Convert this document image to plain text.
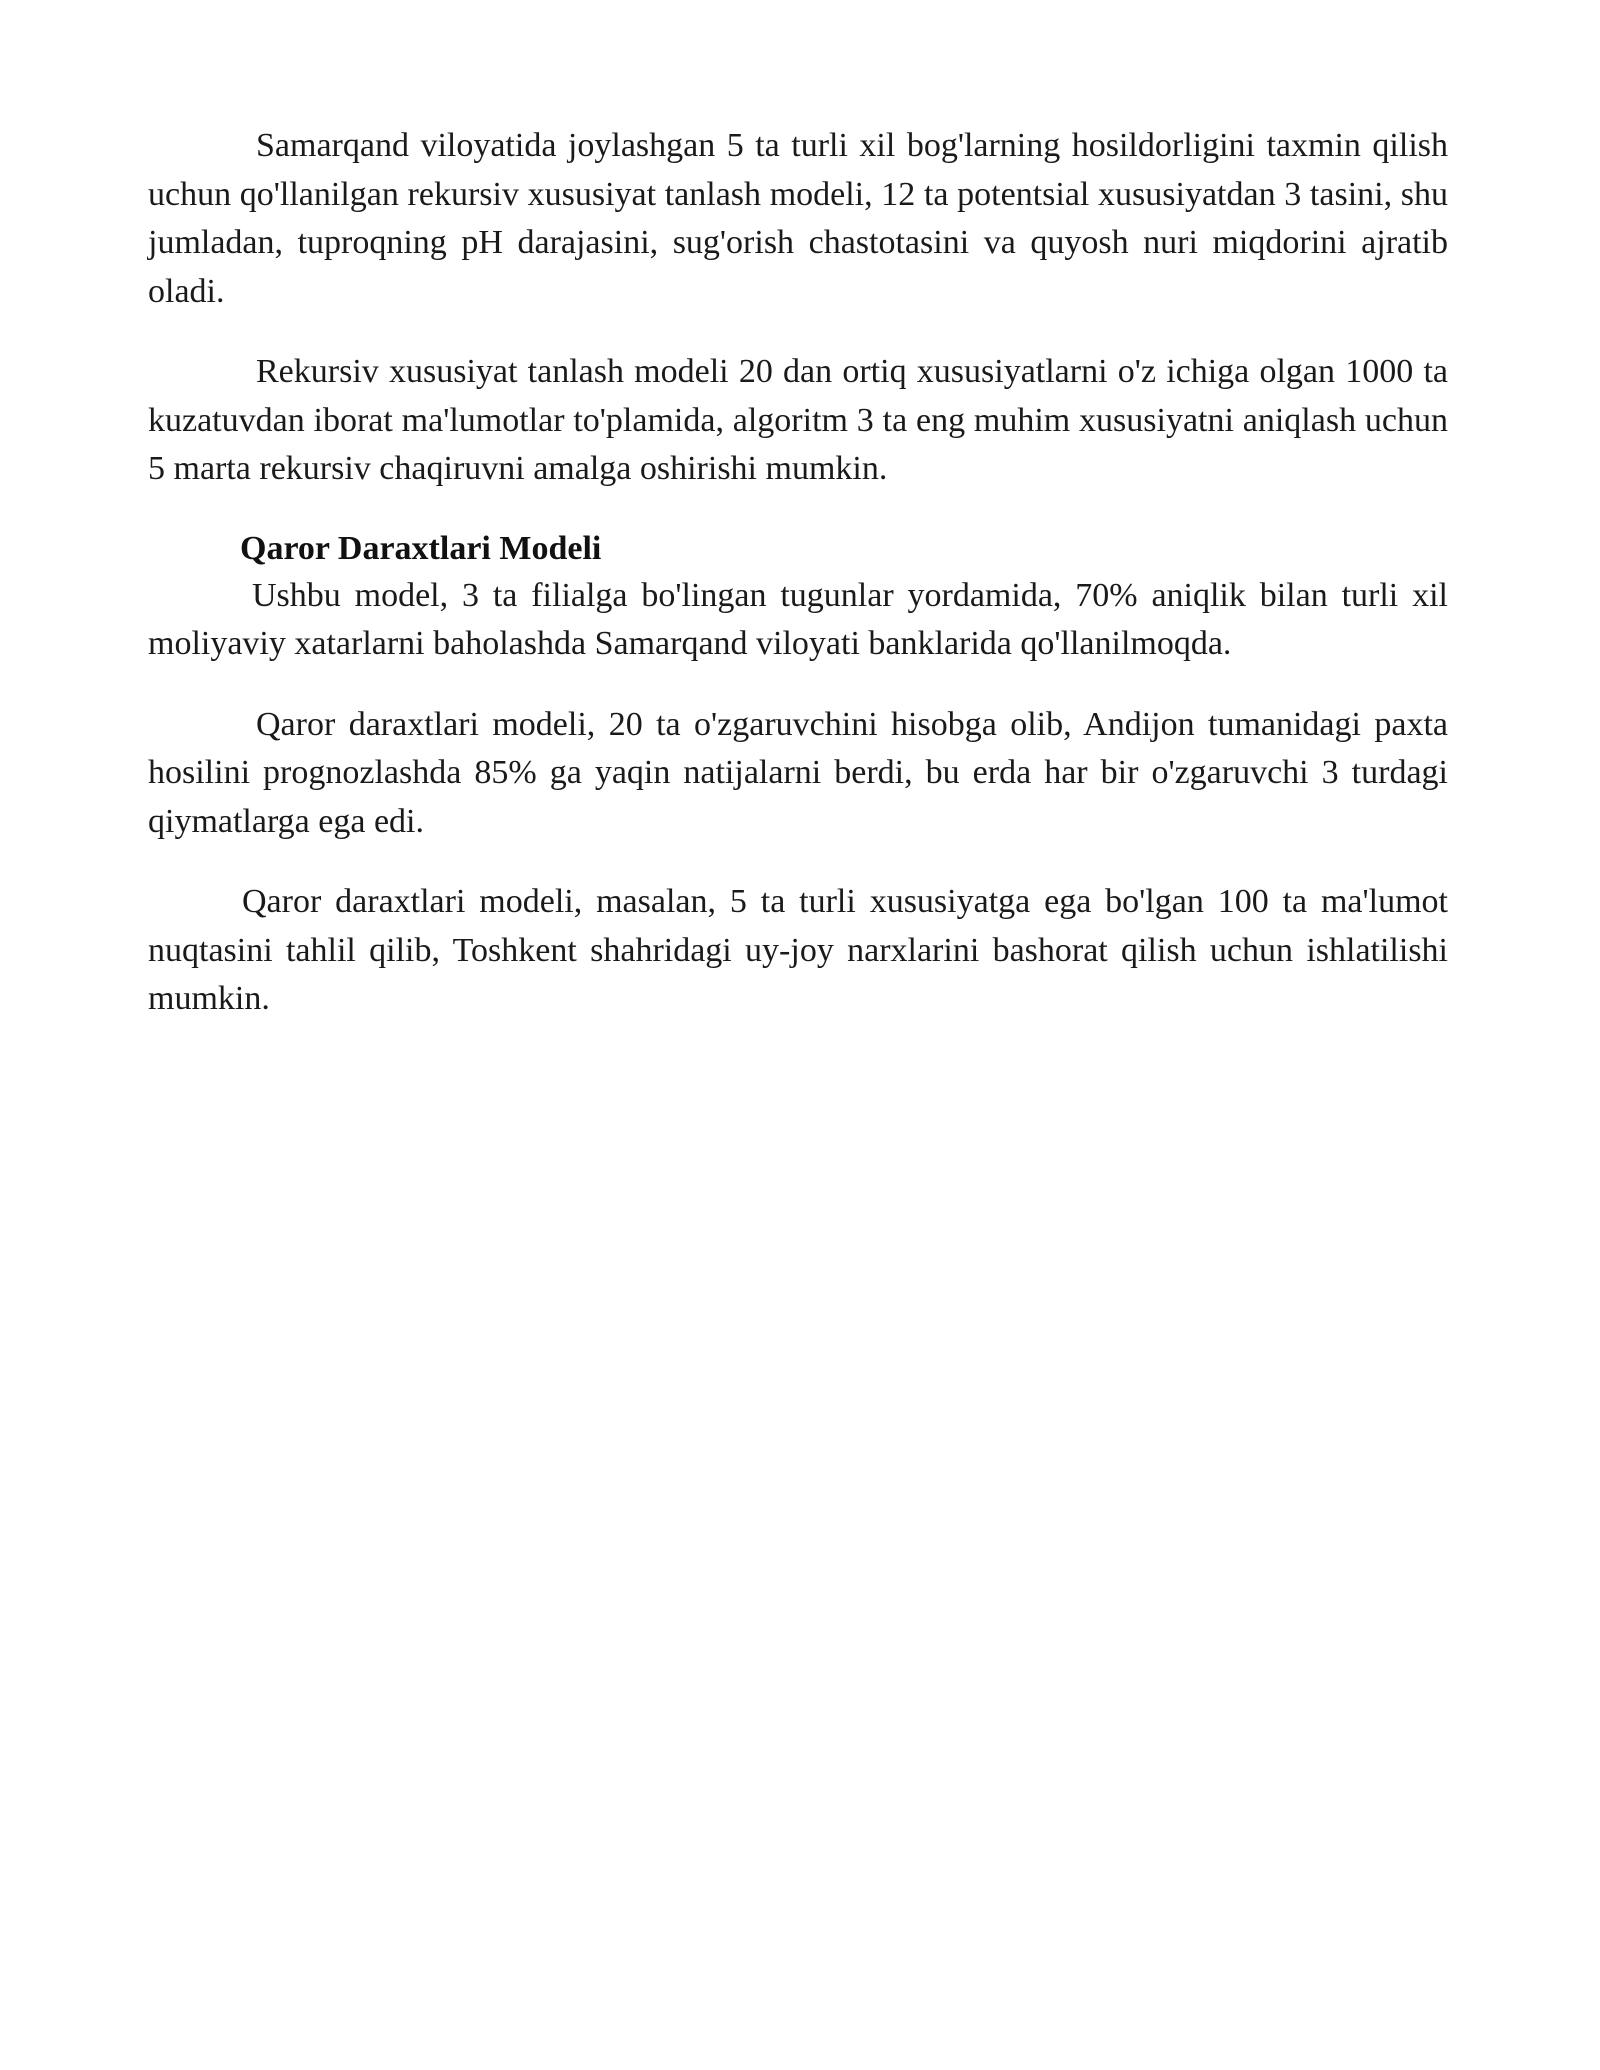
Samarqand viloyatida joylashgan 5 ta turli xil bog'larning hosildorligini taxmin qilish uchun qo'llanilgan rekursiv xususiyat tanlash modeli, 12 ta potentsial xususiyatdan 3 tasini, shu jumladan, tuproqning pH darajasini, sug'orish chastotasini va quyosh nuri miqdorini ajratib oladi.

Rekursiv xususiyat tanlash modeli 20 dan ortiq xususiyatlarni o'z ichiga olgan 1000 ta kuzatuvdan iborat ma'lumotlar to'plamida, algoritm 3 ta eng muhim xususiyatni aniqlash uchun 5 marta rekursiv chaqiruvni amalga oshirishi mumkin.

Qaror Daraxtlari Modeli

Ushbu model, 3 ta filialga bo'lingan tugunlar yordamida, 70% aniqlik bilan turli xil moliyaviy xatarlarni baholashda Samarqand viloyati banklarida qo'llanilmoqda.

Qaror daraxtlari modeli, 20 ta o'zgaruvchini hisobga olib, Andijon tumanidagi paxta hosilini prognozlashda 85% ga yaqin natijalarni berdi, bu erda har bir o'zgaruvchi 3 turdagi qiymatlarga ega edi.

Qaror daraxtlari modeli, masalan, 5 ta turli xususiyatga ega bo'lgan 100 ta ma'lumot nuqtasini tahlil qilib, Toshkent shahridagi uy-joy narxlarini bashorat qilish uchun ishlatilishi mumkin.
